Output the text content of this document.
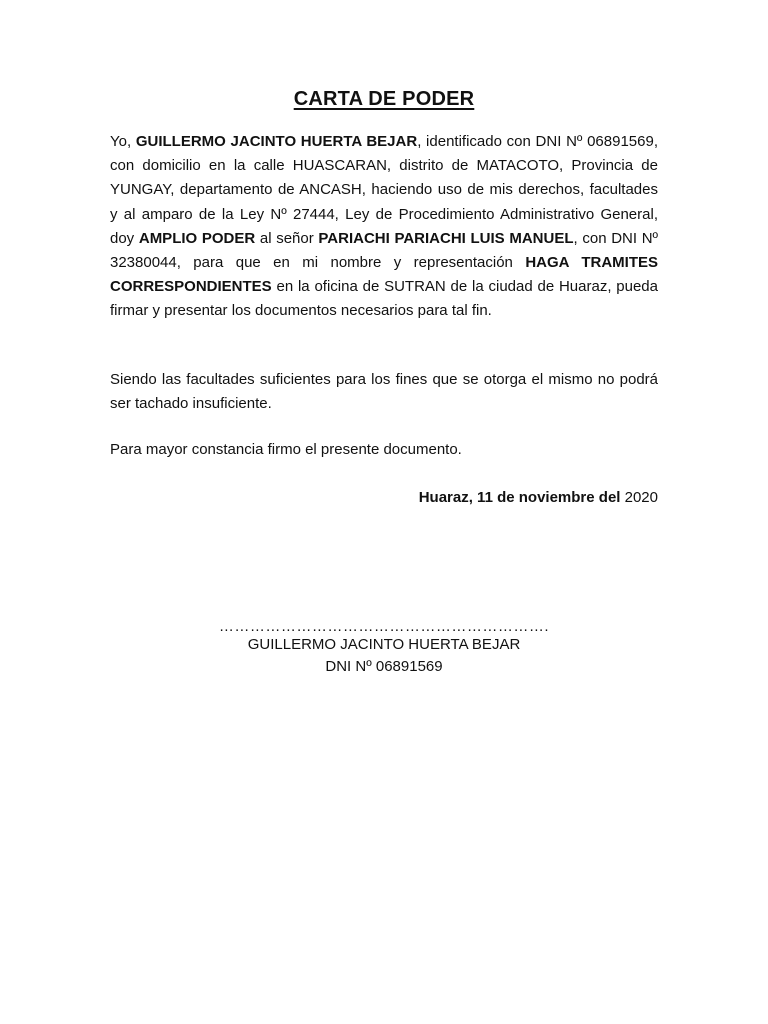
CARTA DE PODER

Yo, GUILLERMO JACINTO HUERTA BEJAR, identificado con DNI Nº 06891569, con domicilio en la calle HUASCARAN, distrito de MATACOTO, Provincia de YUNGAY, departamento de ANCASH, haciendo uso de mis derechos, facultades y al amparo de la Ley Nº 27444, Ley de Procedimiento Administrativo General, doy AMPLIO PODER al señor PARIACHI PARIACHI LUIS MANUEL, con DNI Nº 32380044, para que en mi nombre y representación HAGA TRAMITES CORRESPONDIENTES en la oficina de SUTRAN de la ciudad de Huaraz, pueda firmar y presentar los documentos necesarios para tal fin.

Siendo las facultades suficientes para los fines que se otorga el mismo no podrá ser tachado insuficiente.

Para mayor constancia firmo el presente documento.

Huaraz, 11 de noviembre del 2020
……………………………………………………….
GUILLERMO JACINTO HUERTA BEJAR
DNI Nº 06891569
